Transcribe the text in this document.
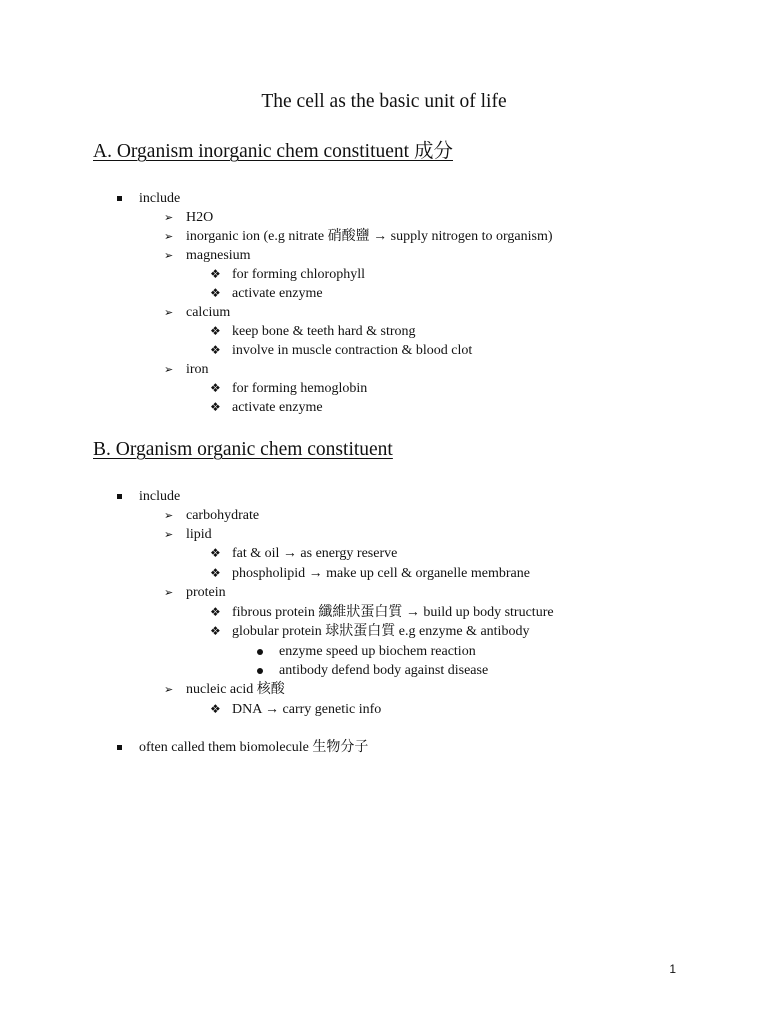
The cell as the basic unit of life
A. Organism inorganic chem constituent 成分
include
➢ H2O
➢ inorganic ion (e.g nitrate 硝酸鹽 → supply nitrogen to organism)
➢ magnesium
❖ for forming chlorophyll
❖ activate enzyme
➢ calcium
❖ keep bone & teeth hard & strong
❖ involve in muscle contraction & blood clot
➢ iron
❖ for forming hemoglobin
❖ activate enzyme
B. Organism organic chem constituent
include
➢ carbohydrate
➢ lipid
❖ fat & oil → as energy reserve
❖ phospholipid → make up cell & organelle membrane
➢ protein
❖ fibrous protein 纖維狀蛋白質 → build up body structure
❖ globular protein 球狀蛋白質 e.g enzyme & antibody
enzyme speed up biochem reaction
antibody defend body against disease
➢ nucleic acid 核酸
❖ DNA → carry genetic info
often called them biomolecule 生物分子
1
